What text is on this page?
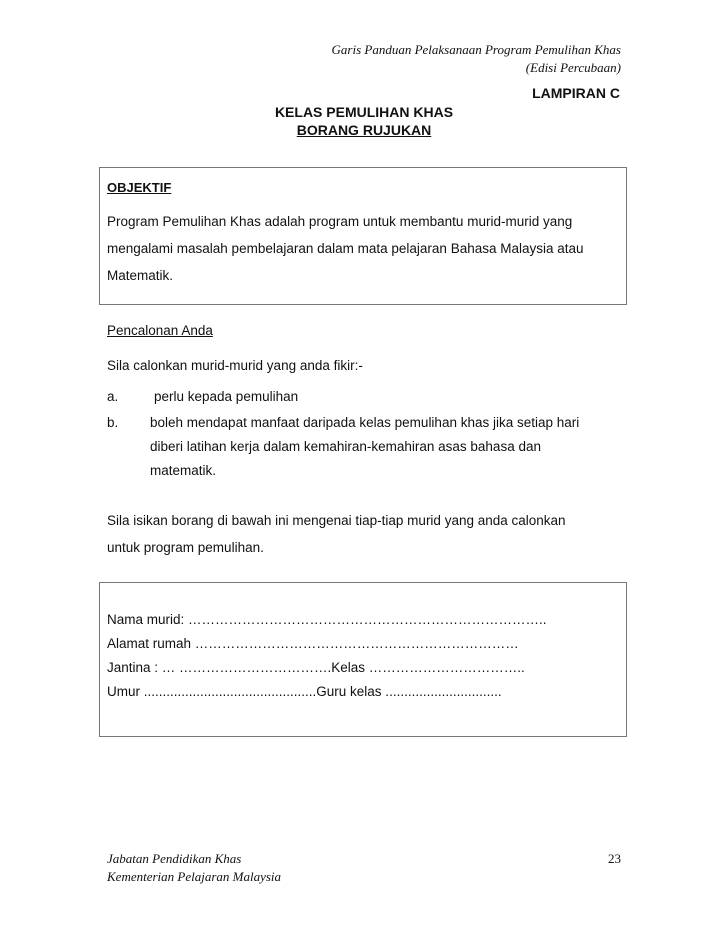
Garis Panduan Pelaksanaan Program Pemulihan Khas
(Edisi Percubaan)
LAMPIRAN C
KELAS PEMULIHAN KHAS
BORANG RUJUKAN
OBJEKTIF
Program Pemulihan Khas adalah program untuk membantu murid-murid yang
mengalami masalah pembelajaran dalam mata pelajaran Bahasa Malaysia atau
Matematik.
Pencalonan Anda
Sila calonkan murid-murid yang anda fikir:-
a.	perlu kepada pemulihan
b. boleh mendapat manfaat daripada kelas pemulihan khas jika setiap hari
diberi latihan kerja dalam kemahiran-kemahiran asas bahasa dan
matematik.
Sila isikan borang di bawah ini mengenai tiap-tiap murid yang anda calonkan
untuk program pemulihan.
Nama murid: ……………………………………………………………………..
Alamat rumah ………………………………………………………………
Jantina : … …………………………….Kelas ……………………………..
Umur ..............................................Guru kelas ...............................
Jabatan Pendidikan Khas
Kementerian Pelajaran Malaysia
23
